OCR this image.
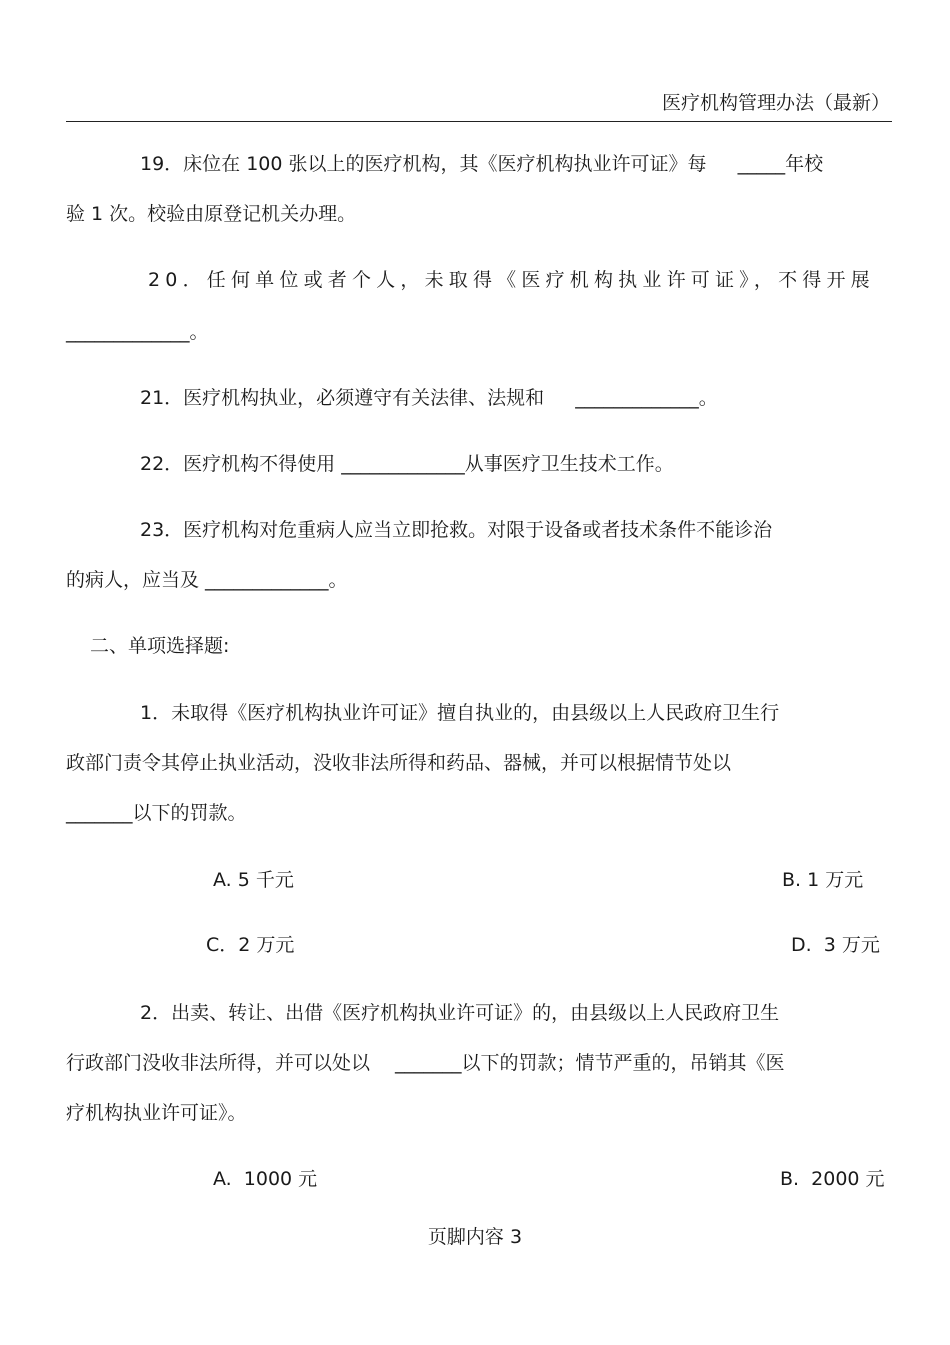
医疗机构管理办法（最新）
19．床位在 100 张以上的医疗机构，其《医疗机构执业许可证》每　  _____年校
验 1 次。校验由原登记机关办理。
20．任何单位或者个人，未取得《医疗机构执业许可证》，不得开展
_____________。
21．医疗机构执业，必须遵守有关法律、法规和　  _____________。
22．医疗机构不得使用 _____________从事医疗卫生技术工作。
23．医疗机构对危重病人应当立即抢救。对限于设备或者技术条件不能诊治
的病人，应当及 _____________。
二、单项选择题:
1．未取得《医疗机构执业许可证》擅自执业的，由县级以上人民政府卫生行
政部门责令其停止执业活动，没收非法所得和药品、器械，并可以根据情节处以
_______以下的罚款。
A. 5 千元	B. 1 万元
C．2 万元	D.  3 万元
2．出卖、转让、出借《医疗机构执业许可证》的，由县级以上人民政府卫生
行政部门没收非法所得，并可以处以　 _______以下的罚款；情节严重的，吊销其《医
疗机构执业许可证》。
A.  1000 元	B.  2000 元
页脚内容 3
